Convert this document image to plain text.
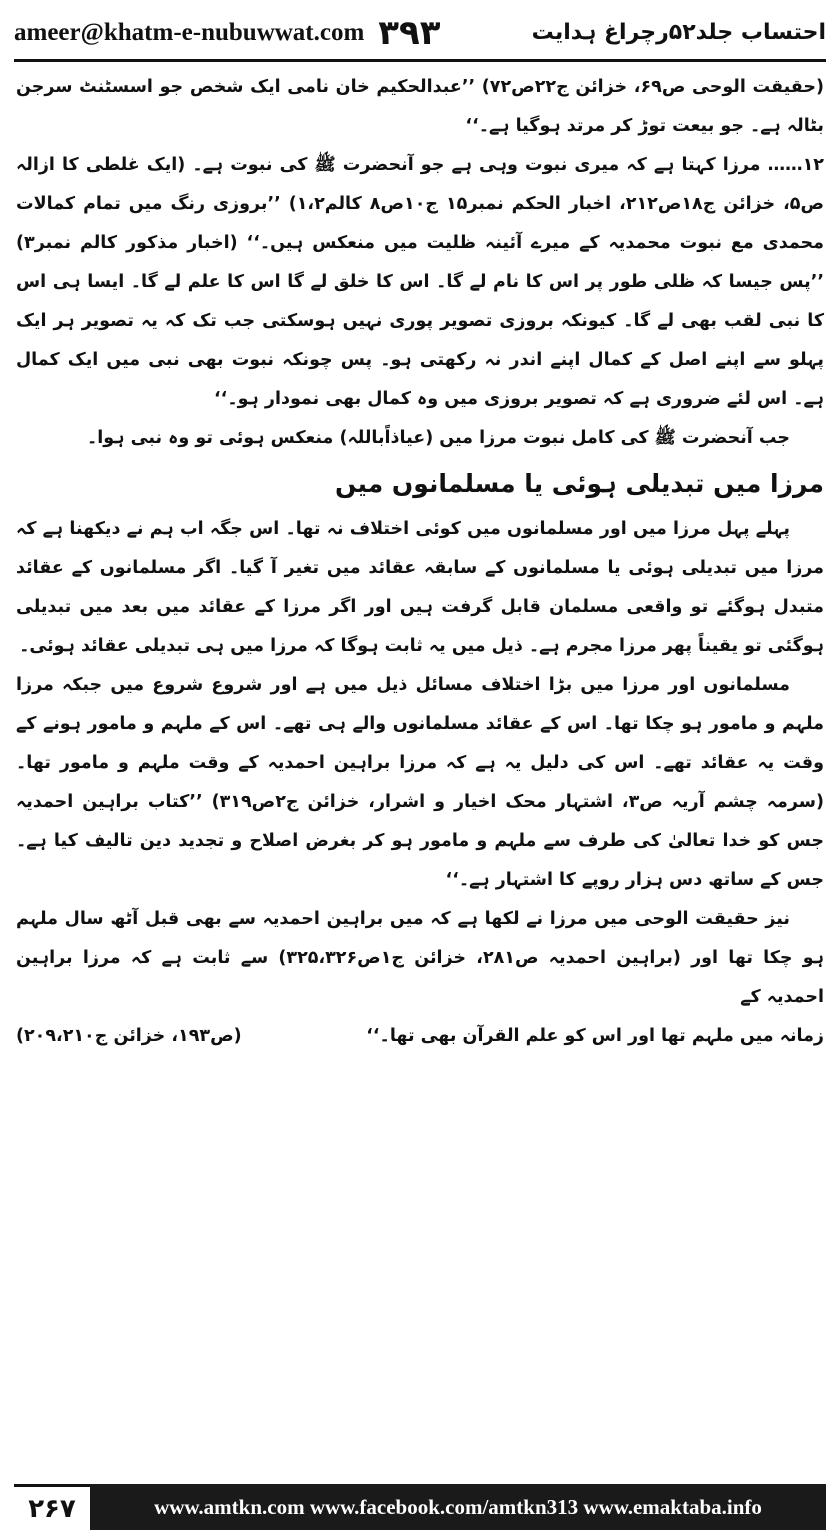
ameer@khatm-e-nubuwwat.com ۳۹۳	احتساب جلد۵۲رچراغ ہدایت

(حقیقت الوحی ص۶۹، خزائن ج۲۲ص۷۲) ’’عبدالحکیم خان نامی ایک شخص جو اسسٹنٹ سرجن بٹالہ ہے۔ جو بیعت توڑ کر مرتد ہوگیا ہے۔‘‘

۱۲…… مرزا کہتا ہے کہ میری نبوت وہی ہے جو آنحضرت ﷺ کی نبوت ہے۔ (ایک غلطی کا ازالہ ص۵، خزائن ج۱۸ص۲۱۲، اخبار الحکم نمبر۱۵ ج۱۰ص۸ کالم۱،۲) ’’بروزی رنگ میں تمام کمالات محمدی مع نبوت محمدیہ کے میرے آئینہ ظلیت میں منعکس ہیں۔‘‘ (اخبار مذکور کالم نمبر۳) ’’پس جیسا کہ ظلی طور پر اس کا نام لے گا۔ اس کا خلق لے گا اس کا علم لے گا۔ ایسا ہی اس کا نبی لقب بھی لے گا۔ کیونکہ بروزی تصویر پوری نہیں ہوسکتی جب تک کہ یہ تصویر ہر ایک پہلو سے اپنے اصل کے کمال اپنے اندر نہ رکھتی ہو۔ پس چونکہ نبوت بھی نبی میں ایک کمال ہے۔ اس لئے ضروری ہے کہ تصویر بروزی میں وہ کمال بھی نمودار ہو۔‘‘

جب آنحضرت ﷺ کی کامل نبوت مرزا میں (عیاذاًباللہ) منعکس ہوئی تو وہ نبی ہوا۔

مرزا میں تبدیلی ہوئی یا مسلمانوں میں

پہلے پہل مرزا میں اور مسلمانوں میں کوئی اختلاف نہ تھا۔ اس جگہ اب ہم نے دیکھنا ہے کہ مرزا میں تبدیلی ہوئی یا مسلمانوں کے سابقہ عقائد میں تغیر آ گیا۔ اگر مسلمانوں کے عقائد متبدل ہوگئے تو واقعی مسلمان قابل گرفت ہیں اور اگر مرزا کے عقائد میں بعد میں تبدیلی ہوگئی تو یقیناً پھر مرزا مجرم ہے۔ ذیل میں یہ ثابت ہوگا کہ مرزا میں ہی تبدیلی عقائد ہوئی۔

مسلمانوں اور مرزا میں بڑا اختلاف مسائل ذیل میں ہے اور شروع شروع میں جبکہ مرزا ملہم و مامور ہو چکا تھا۔ اس کے عقائد مسلمانوں والے ہی تھے۔ اس کے ملہم و مامور ہونے کے وقت یہ عقائد تھے۔ اس کی دلیل یہ ہے کہ مرزا براہین احمدیہ کے وقت ملہم و مامور تھا۔ (سرمہ چشم آریہ ص۳، اشتہار محک اخیار و اشرار، خزائن ج۲ص۳۱۹) ’’کتاب براہین احمدیہ جس کو خدا تعالیٰ کی طرف سے ملہم و مامور ہو کر بغرض اصلاح و تجدید دین تالیف کیا ہے۔ جس کے ساتھ دس ہزار روپے کا اشتہار ہے۔‘‘

نیز حقیقت الوحی میں مرزا نے لکھا ہے کہ میں براہین احمدیہ سے بھی قبل آٹھ سال ملہم ہو چکا تھا اور (براہین احمدیہ ص۲۸۱، خزائن ج۱ص۳۲۵،۳۲۶) سے ثابت ہے کہ مرزا براہین احمدیہ کے

زمانہ میں ملہم تھا اور اس کو علم القرآن بھی تھا۔‘‘
(ص۱۹۳، خزائن ج۲۰۹،۲۱۰)
۲۶۷	www.amtkn.com www.facebook.com/amtkn313 www.emaktaba.info
